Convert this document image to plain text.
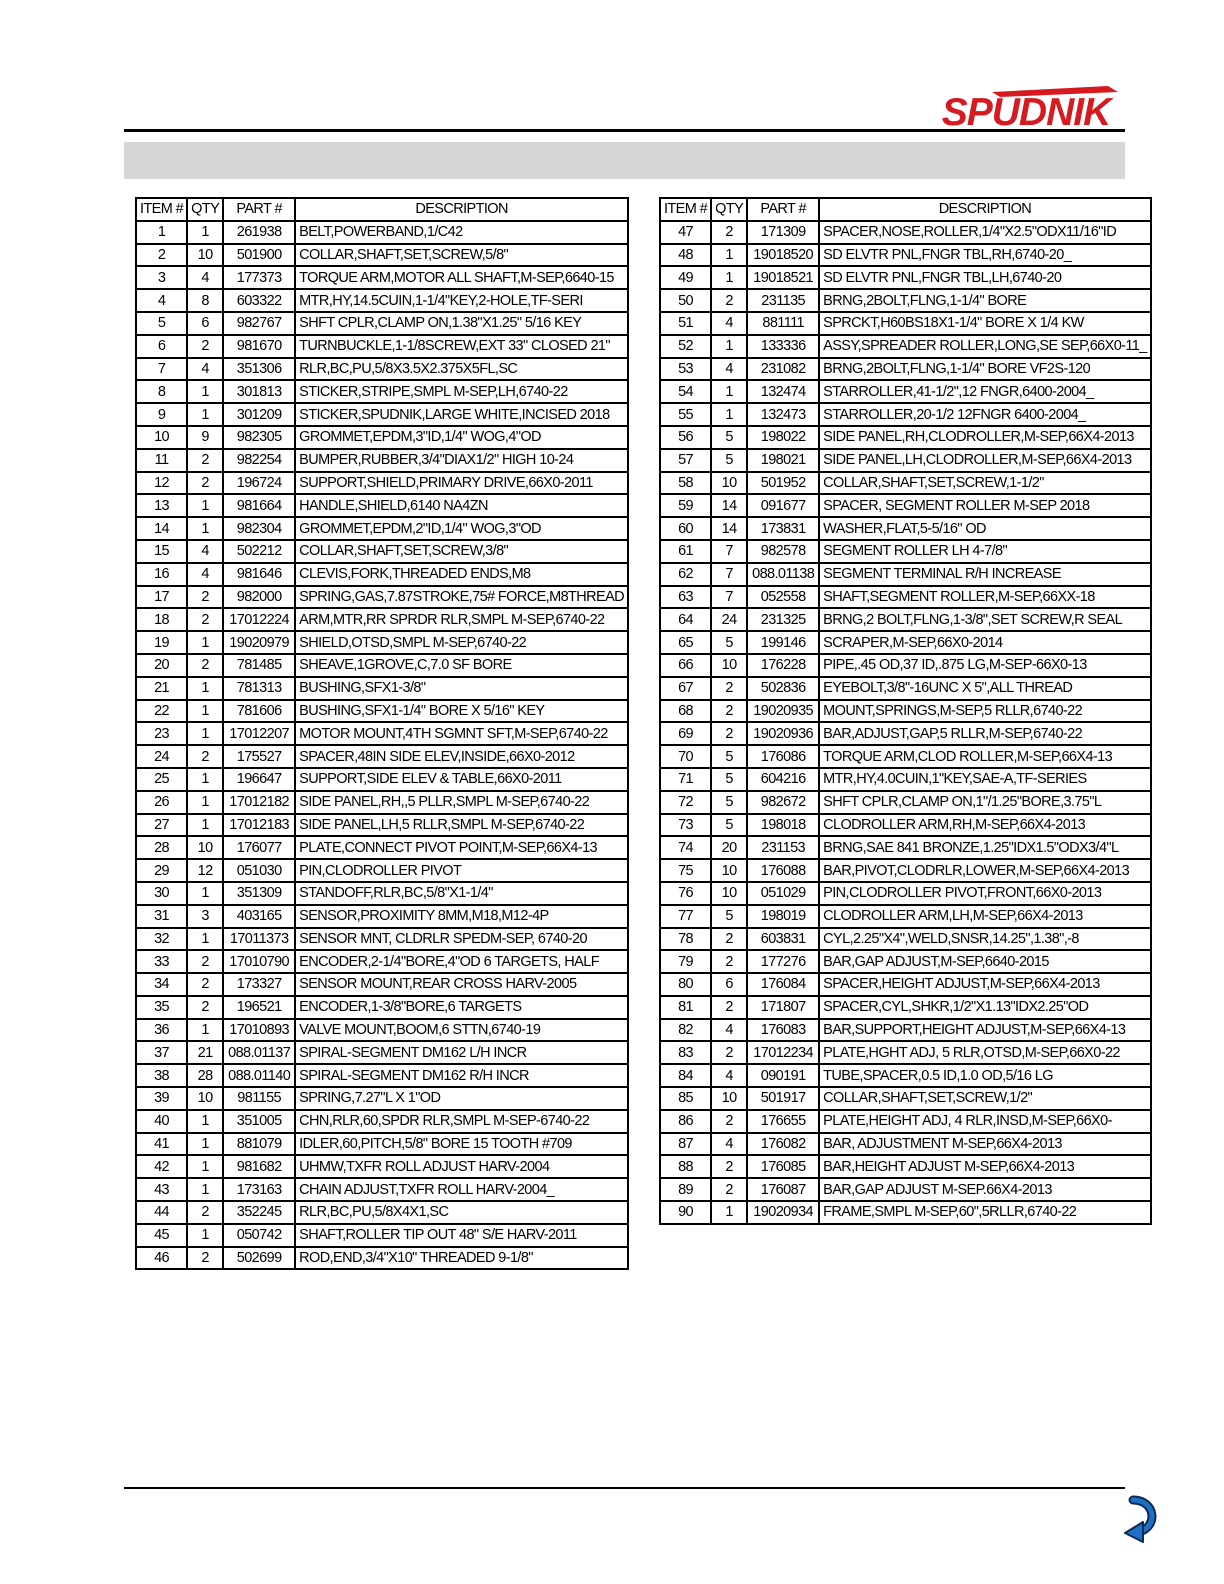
SPUDNIK
ITEM #	QTY	PART #	DESCRIPTION
1	1	261938	BELT,POWERBAND,1/C42
2	10	501900	COLLAR,SHAFT,SET,SCREW,5/8"
3	4	177373	TORQUE ARM,MOTOR ALL SHAFT,M-SEP,6640-15
4	8	603322	MTR,HY,14.5CUIN,1-1/4"KEY,2-HOLE,TF-SERI
5	6	982767	SHFT CPLR,CLAMP ON,1.38"X1.25" 5/16 KEY
6	2	981670	TURNBUCKLE,1-1/8SCREW,EXT 33" CLOSED 21"
7	4	351306	RLR,BC,PU,5/8X3.5X2.375X5FL,SC
8	1	301813	STICKER,STRIPE,SMPL M-SEP,LH,6740-22
9	1	301209	STICKER,SPUDNIK,LARGE WHITE,INCISED 2018
10	9	982305	GROMMET,EPDM,3"ID,1/4" WOG,4"OD
11	2	982254	BUMPER,RUBBER,3/4"DIAX1/2" HIGH 10-24
12	2	196724	SUPPORT,SHIELD,PRIMARY DRIVE,66X0-2011
13	1	981664	HANDLE,SHIELD,6140 NA4ZN
14	1	982304	GROMMET,EPDM,2"ID,1/4" WOG,3"OD
15	4	502212	COLLAR,SHAFT,SET,SCREW,3/8"
16	4	981646	CLEVIS,FORK,THREADED ENDS,M8
17	2	982000	SPRING,GAS,7.87STROKE,75# FORCE,M8THREAD
18	2	17012224	ARM,MTR,RR SPRDR RLR,SMPL M-SEP,6740-22
19	1	19020979	SHIELD,OTSD,SMPL M-SEP,6740-22
20	2	781485	SHEAVE,1GROVE,C,7.0 SF BORE
21	1	781313	BUSHING,SFX1-3/8"
22	1	781606	BUSHING,SFX1-1/4" BORE X 5/16" KEY
23	1	17012207	MOTOR MOUNT,4TH SGMNT SFT,M-SEP,6740-22
24	2	175527	SPACER,48IN SIDE ELEV,INSIDE,66X0-2012
25	1	196647	SUPPORT,SIDE ELEV & TABLE,66X0-2011
26	1	17012182	SIDE PANEL,RH,,5 PLLR,SMPL M-SEP,6740-22
27	1	17012183	SIDE PANEL,LH,5 RLLR,SMPL M-SEP,6740-22
28	10	176077	PLATE,CONNECT PIVOT POINT,M-SEP,66X4-13
29	12	051030	PIN,CLODROLLER PIVOT
30	1	351309	STANDOFF,RLR,BC,5/8"X1-1/4"
31	3	403165	SENSOR,PROXIMITY 8MM,M18,M12-4P
32	1	17011373	SENSOR MNT, CLDRLR SPEDM-SEP, 6740-20
33	2	17010790	ENCODER,2-1/4"BORE,4"OD 6 TARGETS, HALF
34	2	173327	SENSOR MOUNT,REAR CROSS HARV-2005
35	2	196521	ENCODER,1-3/8"BORE,6 TARGETS
36	1	17010893	VALVE MOUNT,BOOM,6 STTN,6740-19
37	21	088.01137	SPIRAL-SEGMENT DM162 L/H INCR
38	28	088.01140	SPIRAL-SEGMENT DM162 R/H INCR
39	10	981155	SPRING,7.27"L X 1"OD
40	1	351005	CHN,RLR,60,SPDR RLR,SMPL M-SEP-6740-22
41	1	881079	IDLER,60,PITCH,5/8" BORE 15 TOOTH #709
42	1	981682	UHMW,TXFR ROLL ADJUST HARV-2004
43	1	173163	CHAIN ADJUST,TXFR ROLL HARV-2004_
44	2	352245	RLR,BC,PU,5/8X4X1,SC
45	1	050742	SHAFT,ROLLER TIP OUT 48" S/E HARV-2011
46	2	502699	ROD,END,3/4"X10" THREADED 9-1/8"
ITEM #	QTY	PART #	DESCRIPTION
47	2	171309	SPACER,NOSE,ROLLER,1/4"X2.5"ODX11/16"ID
48	1	19018520	SD ELVTR PNL,FNGR TBL,RH,6740-20_
49	1	19018521	SD ELVTR PNL,FNGR TBL,LH,6740-20
50	2	231135	BRNG,2BOLT,FLNG,1-1/4" BORE
51	4	881111	SPRCKT,H60BS18X1-1/4" BORE X 1/4 KW
52	1	133336	ASSY,SPREADER ROLLER,LONG,SE SEP,66X0-11_
53	4	231082	BRNG,2BOLT,FLNG,1-1/4" BORE VF2S-120
54	1	132474	STARROLLER,41-1/2",12 FNGR,6400-2004_
55	1	132473	STARROLLER,20-1/2 12FNGR 6400-2004_
56	5	198022	SIDE PANEL,RH,CLODROLLER,M-SEP,66X4-2013
57	5	198021	SIDE PANEL,LH,CLODROLLER,M-SEP,66X4-2013
58	10	501952	COLLAR,SHAFT,SET,SCREW,1-1/2"
59	14	091677	SPACER, SEGMENT ROLLER M-SEP 2018
60	14	173831	WASHER,FLAT,5-5/16" OD
61	7	982578	SEGMENT ROLLER LH 4-7/8"
62	7	088.01138	SEGMENT TERMINAL R/H INCREASE
63	7	052558	SHAFT,SEGMENT ROLLER,M-SEP,66XX-18
64	24	231325	BRNG,2 BOLT,FLNG,1-3/8",SET SCREW,R SEAL
65	5	199146	SCRAPER,M-SEP,66X0-2014
66	10	176228	PIPE,.45 OD,37 ID,.875 LG,M-SEP-66X0-13
67	2	502836	EYEBOLT,3/8"-16UNC X 5",ALL THREAD
68	2	19020935	MOUNT,SPRINGS,M-SEP,5 RLLR,6740-22
69	2	19020936	BAR,ADJUST,GAP,5 RLLR,M-SEP,6740-22
70	5	176086	TORQUE ARM,CLOD ROLLER,M-SEP,66X4-13
71	5	604216	MTR,HY,4.0CUIN,1"KEY,SAE-A,TF-SERIES
72	5	982672	SHFT CPLR,CLAMP ON,1"/1.25"BORE,3.75"L
73	5	198018	CLODROLLER ARM,RH,M-SEP,66X4-2013
74	20	231153	BRNG,SAE 841 BRONZE,1.25"IDX1.5"ODX3/4"L
75	10	176088	BAR,PIVOT,CLODRLR,LOWER,M-SEP,66X4-2013
76	10	051029	PIN,CLODROLLER PIVOT,FRONT,66X0-2013
77	5	198019	CLODROLLER ARM,LH,M-SEP,66X4-2013
78	2	603831	CYL,2.25"X4",WELD,SNSR,14.25",1.38",-8
79	2	177276	BAR,GAP ADJUST,M-SEP,6640-2015
80	6	176084	SPACER,HEIGHT ADJUST,M-SEP,66X4-2013
81	2	171807	SPACER,CYL,SHKR,1/2"X1.13"IDX2.25"OD
82	4	176083	BAR,SUPPORT,HEIGHT ADJUST,M-SEP,66X4-13
83	2	17012234	PLATE,HGHT ADJ, 5 RLR,OTSD,M-SEP,66X0-22
84	4	090191	TUBE,SPACER,0.5 ID,1.0 OD,5/16 LG
85	10	501917	COLLAR,SHAFT,SET,SCREW,1/2"
86	2	176655	PLATE,HEIGHT ADJ, 4 RLR,INSD,M-SEP,66X0-
87	4	176082	BAR, ADJUSTMENT M-SEP,66X4-2013
88	2	176085	BAR,HEIGHT ADJUST M-SEP,66X4-2013
89	2	176087	BAR,GAP ADJUST M-SEP.66X4-2013
90	1	19020934	FRAME,SMPL M-SEP,60",5RLLR,6740-22
